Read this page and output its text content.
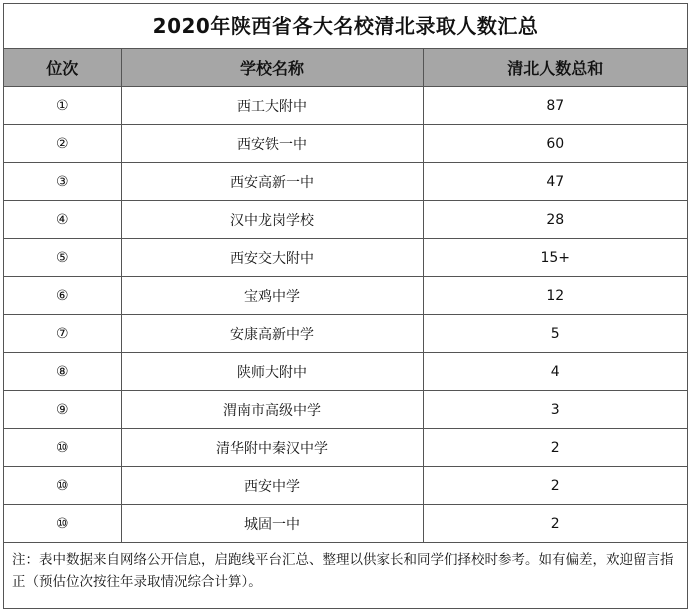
2020年陕西省各大名校清北录取人数汇总
位次	学校名称	清北人数总和
①	西工大附中	87
②	西安铁一中	60
③	西安高新一中	47
④	汉中龙岗学校	28
⑤	西安交大附中	15+
⑥	宝鸡中学	12
⑦	安康高新中学	5
⑧	陕师大附中	4
⑨	渭南市高级中学	3
⑩	清华附中秦汉中学	2
⑩	西安中学	2
⑩	城固一中	2
注：表中数据来自网络公开信息，启跑线平台汇总、整理以供家长和同学们择校时参考。如有偏差，欢迎留言指正（预估位次按往年录取情况综合计算）。
